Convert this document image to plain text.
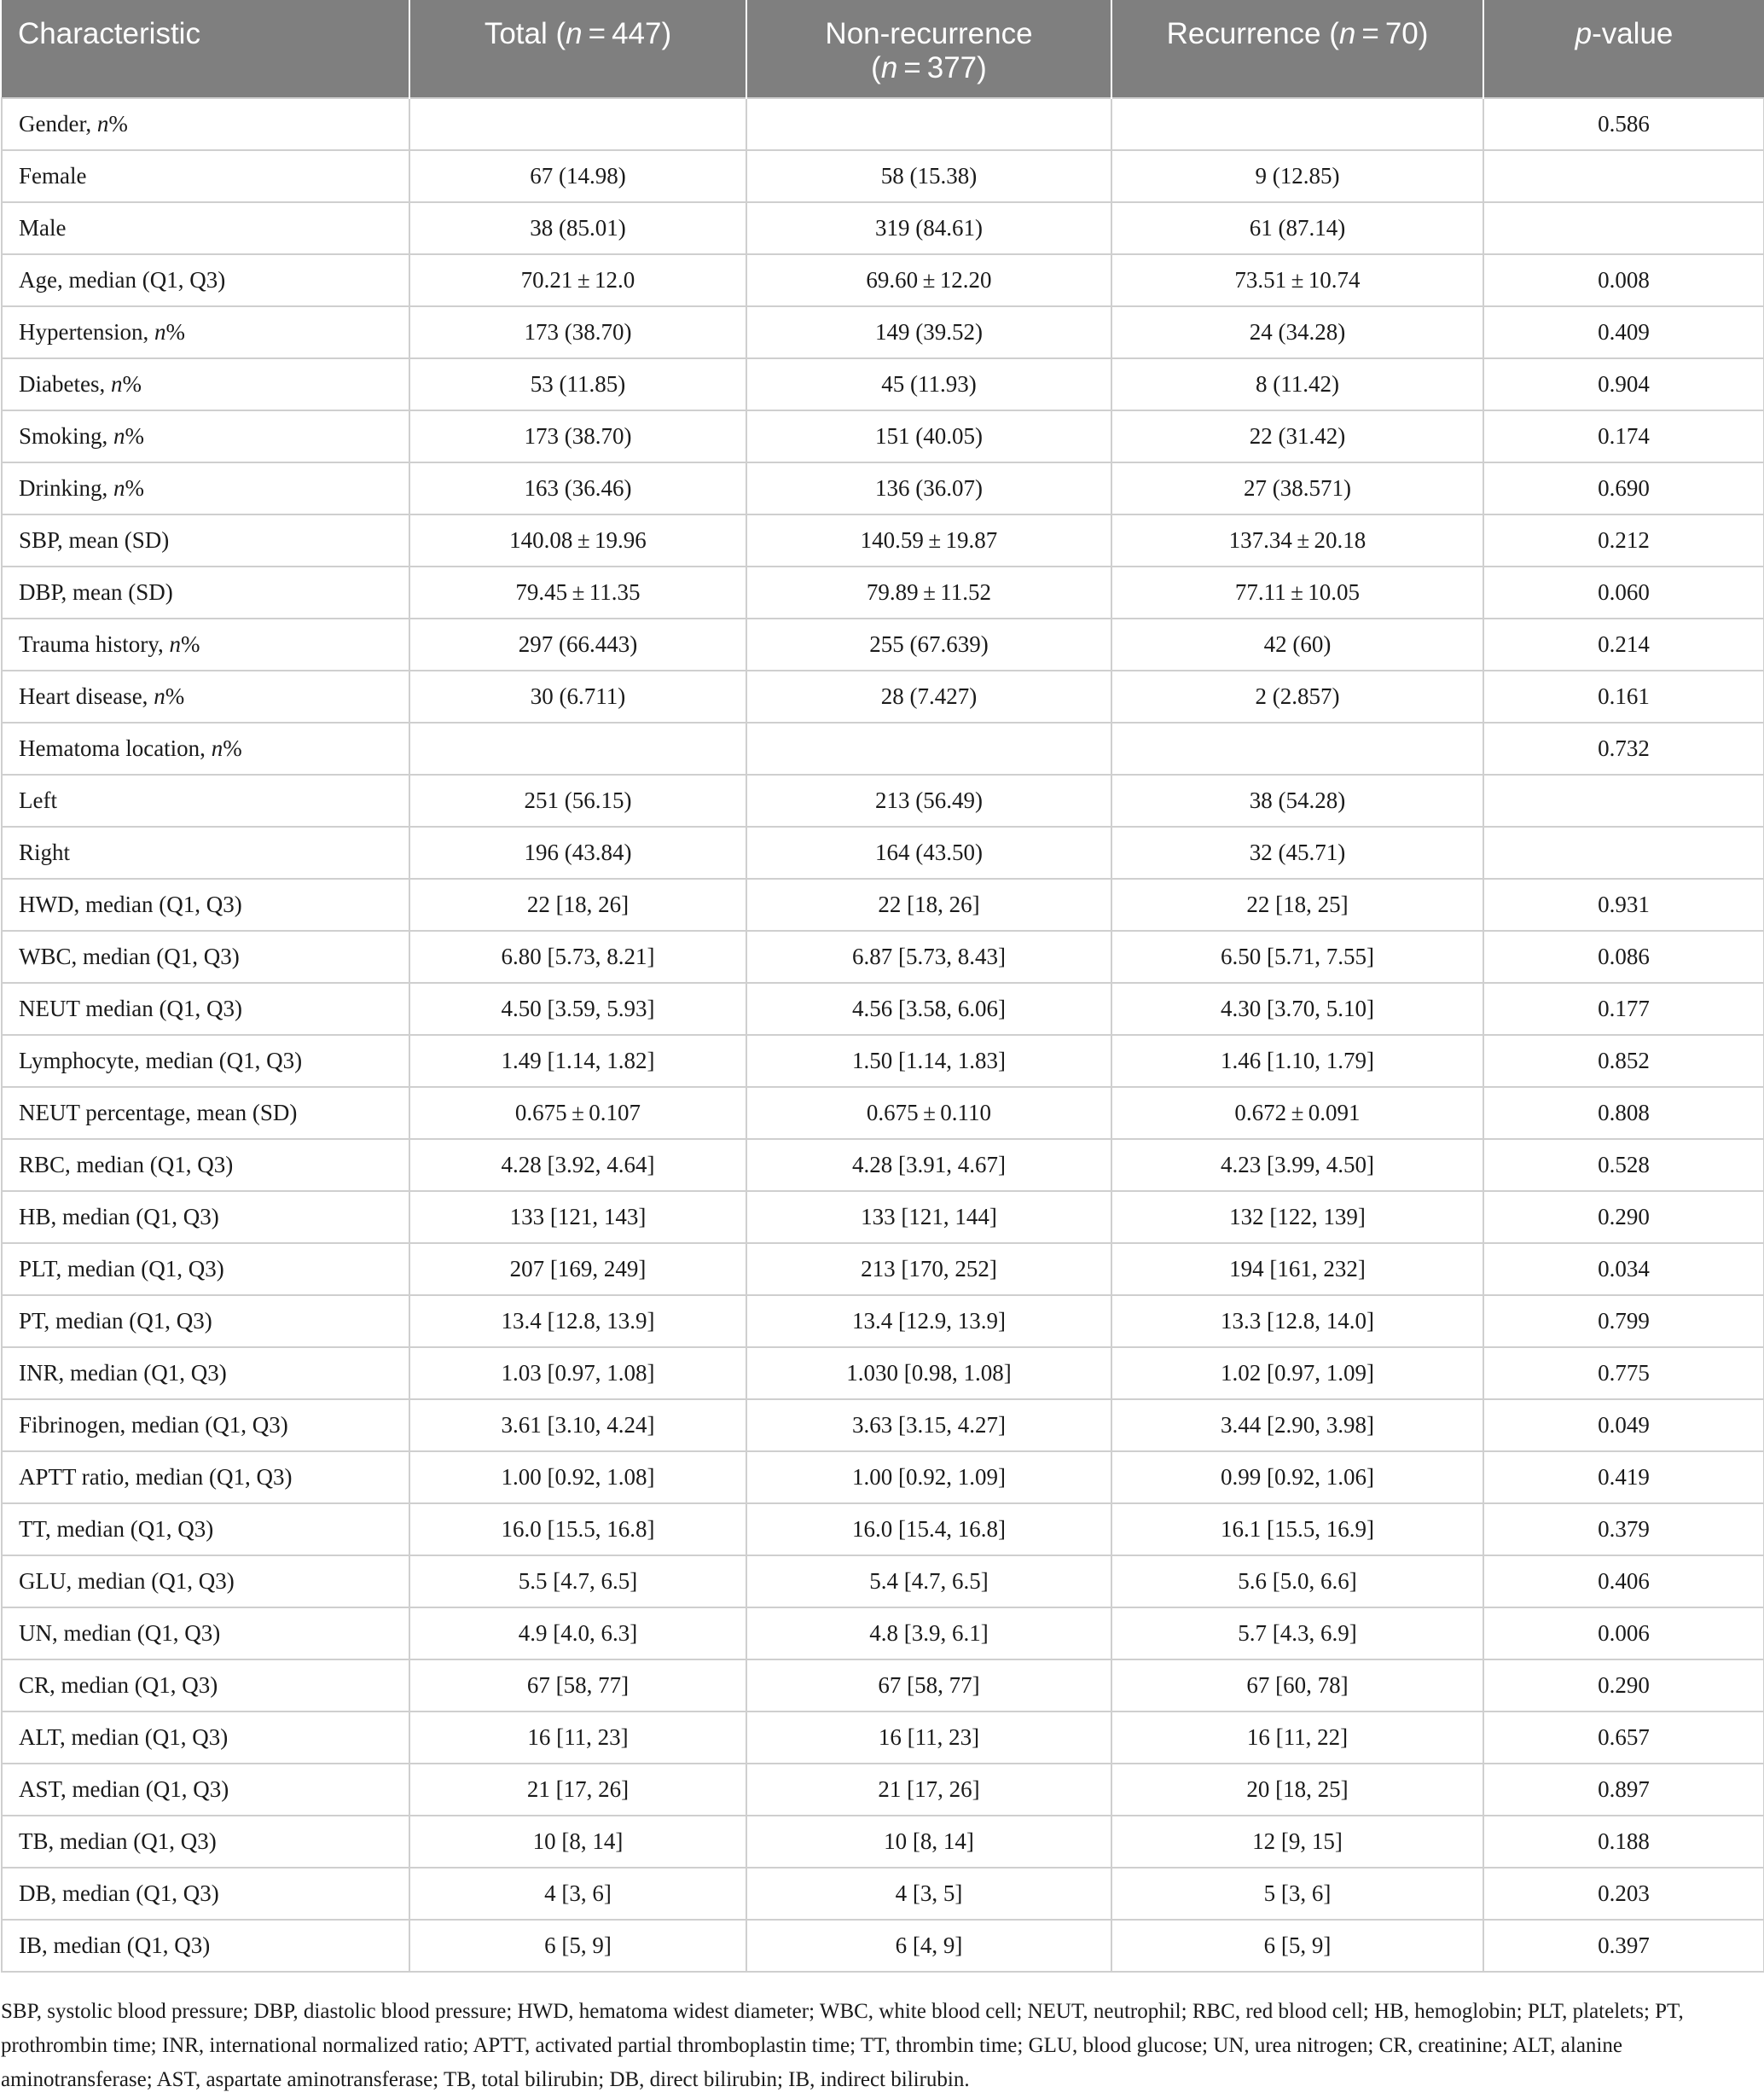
Characteristic	Total (n = 447)	Non-recurrence
(n = 377)	Recurrence (n = 70)	p-value
Gender, n%				0.586
Female	67 (14.98)	58 (15.38)	9 (12.85)	
Male	38 (85.01)	319 (84.61)	61 (87.14)	
Age, median (Q1, Q3)	70.21 ± 12.0	69.60 ± 12.20	73.51 ± 10.74	0.008
Hypertension, n%	173 (38.70)	149 (39.52)	24 (34.28)	0.409
Diabetes, n%	53 (11.85)	45 (11.93)	8 (11.42)	0.904
Smoking, n%	173 (38.70)	151 (40.05)	22 (31.42)	0.174
Drinking, n%	163 (36.46)	136 (36.07)	27 (38.571)	0.690
SBP, mean (SD)	140.08 ± 19.96	140.59 ± 19.87	137.34 ± 20.18	0.212
DBP, mean (SD)	79.45 ± 11.35	79.89 ± 11.52	77.11 ± 10.05	0.060
Trauma history, n%	297 (66.443)	255 (67.639)	42 (60)	0.214
Heart disease, n%	30 (6.711)	28 (7.427)	2 (2.857)	0.161
Hematoma location, n%				0.732
Left	251 (56.15)	213 (56.49)	38 (54.28)	
Right	196 (43.84)	164 (43.50)	32 (45.71)	
HWD, median (Q1, Q3)	22 [18, 26]	22 [18, 26]	22 [18, 25]	0.931
WBC, median (Q1, Q3)	6.80 [5.73, 8.21]	6.87 [5.73, 8.43]	6.50 [5.71, 7.55]	0.086
NEUT median (Q1, Q3)	4.50 [3.59, 5.93]	4.56 [3.58, 6.06]	4.30 [3.70, 5.10]	0.177
Lymphocyte, median (Q1, Q3)	1.49 [1.14, 1.82]	1.50 [1.14, 1.83]	1.46 [1.10, 1.79]	0.852
NEUT percentage, mean (SD)	0.675 ± 0.107	0.675 ± 0.110	0.672 ± 0.091	0.808
RBC, median (Q1, Q3)	4.28 [3.92, 4.64]	4.28 [3.91, 4.67]	4.23 [3.99, 4.50]	0.528
HB, median (Q1, Q3)	133 [121, 143]	133 [121, 144]	132 [122, 139]	0.290
PLT, median (Q1, Q3)	207 [169, 249]	213 [170, 252]	194 [161, 232]	0.034
PT, median (Q1, Q3)	13.4 [12.8, 13.9]	13.4 [12.9, 13.9]	13.3 [12.8, 14.0]	0.799
INR, median (Q1, Q3)	1.03 [0.97, 1.08]	1.030 [0.98, 1.08]	1.02 [0.97, 1.09]	0.775
Fibrinogen, median (Q1, Q3)	3.61 [3.10, 4.24]	3.63 [3.15, 4.27]	3.44 [2.90, 3.98]	0.049
APTT ratio, median (Q1, Q3)	1.00 [0.92, 1.08]	1.00 [0.92, 1.09]	0.99 [0.92, 1.06]	0.419
TT, median (Q1, Q3)	16.0 [15.5, 16.8]	16.0 [15.4, 16.8]	16.1 [15.5, 16.9]	0.379
GLU, median (Q1, Q3)	5.5 [4.7, 6.5]	5.4 [4.7, 6.5]	5.6 [5.0, 6.6]	0.406
UN, median (Q1, Q3)	4.9 [4.0, 6.3]	4.8 [3.9, 6.1]	5.7 [4.3, 6.9]	0.006
CR, median (Q1, Q3)	67 [58, 77]	67 [58, 77]	67 [60, 78]	0.290
ALT, median (Q1, Q3)	16 [11, 23]	16 [11, 23]	16 [11, 22]	0.657
AST, median (Q1, Q3)	21 [17, 26]	21 [17, 26]	20 [18, 25]	0.897
TB, median (Q1, Q3)	10 [8, 14]	10 [8, 14]	12 [9, 15]	0.188
DB, median (Q1, Q3)	4 [3, 6]	4 [3, 5]	5 [3, 6]	0.203
IB, median (Q1, Q3)	6 [5, 9]	6 [4, 9]	6 [5, 9]	0.397
SBP, systolic blood pressure; DBP, diastolic blood pressure; HWD, hematoma widest diameter; WBC, white blood cell; NEUT, neutrophil; RBC, red blood cell; HB, hemoglobin; PLT, platelets; PT, prothrombin time; INR, international normalized ratio; APTT, activated partial thromboplastin time; TT, thrombin time; GLU, blood glucose; UN, urea nitrogen; CR, creatinine; ALT, alanine aminotransferase; AST, aspartate aminotransferase; TB, total bilirubin; DB, direct bilirubin; IB, indirect bilirubin.
